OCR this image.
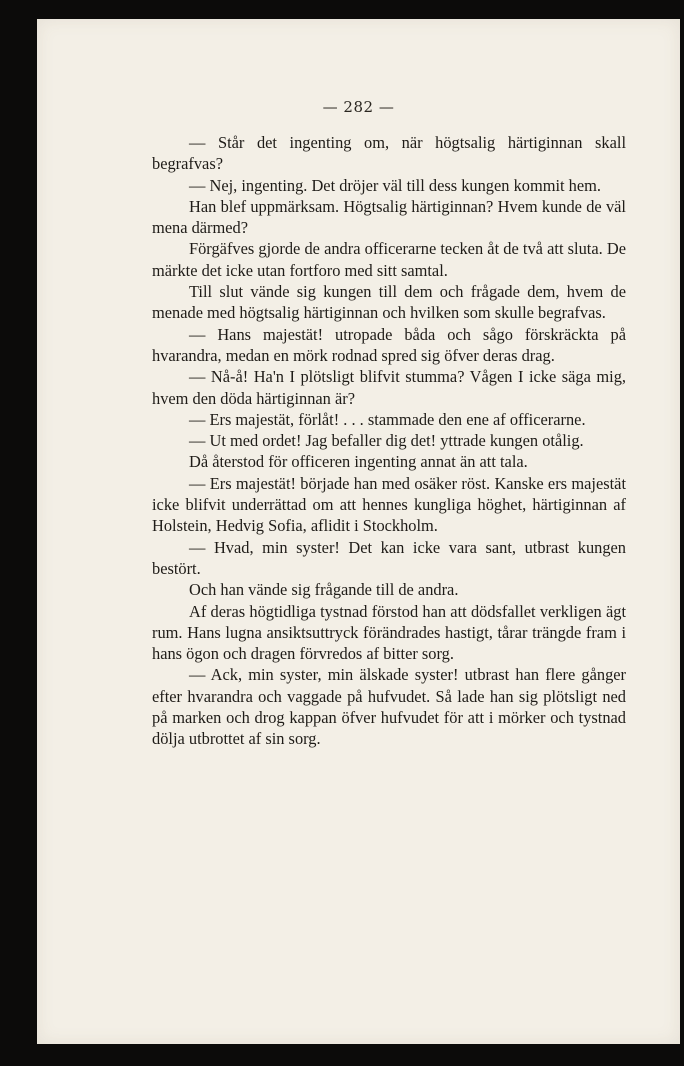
— 282 —

— Står det ingenting om, när högtsalig härtiginnan skall begrafvas?

— Nej, ingenting. Det dröjer väl till dess kungen kommit hem.

Han blef uppmärksam. Högtsalig härtiginnan? Hvem kunde de väl mena därmed?

Förgäfves gjorde de andra officerarne tecken åt de två att sluta. De märkte det icke utan fortforo med sitt samtal.

Till slut vände sig kungen till dem och frågade dem, hvem de menade med högtsalig härtiginnan och hvilken som skulle begrafvas.

— Hans majestät! utropade båda och sågo förskräckta på hvarandra, medan en mörk rodnad spred sig öfver deras drag.

— Nå-å! Ha'n I plötsligt blifvit stumma? Vågen I icke säga mig, hvem den döda härtiginnan är?

— Ers majestät, förlåt! . . . stammade den ene af officerarne.

— Ut med ordet! Jag befaller dig det! yttrade kungen otålig.

Då återstod för officeren ingenting annat än att tala.

— Ers majestät! började han med osäker röst. Kanske ers majestät icke blifvit underrättad om att hennes kungliga höghet, härtiginnan af Holstein, Hedvig Sofia, aflidit i Stockholm.

— Hvad, min syster! Det kan icke vara sant, utbrast kungen bestört.

Och han vände sig frågande till de andra.

Af deras högtidliga tystnad förstod han att dödsfallet verkligen ägt rum. Hans lugna ansiktsuttryck förändrades hastigt, tårar trängde fram i hans ögon och dragen förvredos af bitter sorg.

— Ack, min syster, min älskade syster! utbrast han flere gånger efter hvarandra och vaggade på hufvudet. Så lade han sig plötsligt ned på marken och drog kappan öfver hufvudet för att i mörker och tystnad dölja utbrottet af sin sorg.
